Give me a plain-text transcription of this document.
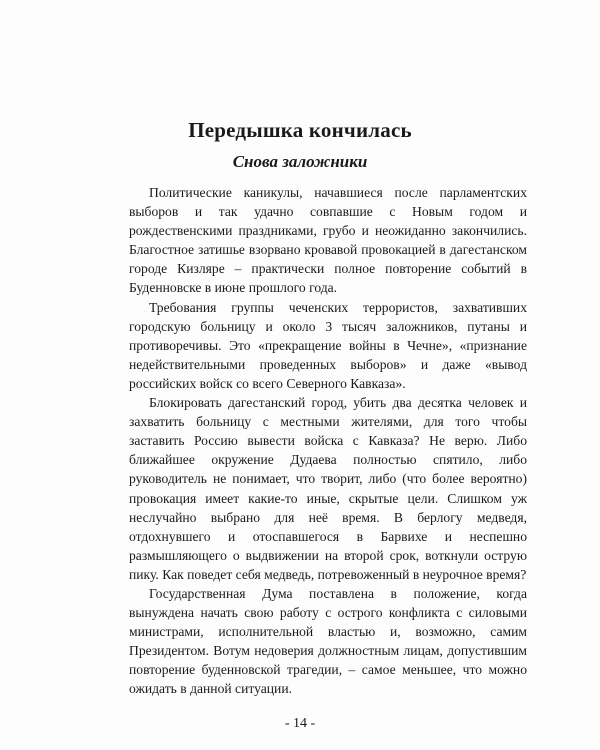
Передышка кончилась
Снова заложники

Политические каникулы, начавшиеся после парламентских выборов и так удачно совпавшие с Новым годом и рождественскими праздниками, грубо и неожиданно закончились. Благостное затишье взорвано кровавой провокацией в дагестанском городе Кизляре – практически полное повторение событий в Буденновске в июне прошлого года.

Требования группы чеченских террористов, захвативших городскую больницу и около 3 тысяч заложников, путаны и противоречивы. Это «прекращение войны в Чечне», «признание недействительными проведенных выборов» и даже «вывод российских войск со всего Северного Кавказа».

Блокировать дагестанский город, убить два десятка человек и захватить больницу с местными жителями, для того чтобы заставить Россию вывести войска с Кавказа? Не верю. Либо ближайшее окружение Дудаева полностью спятило, либо руководитель не понимает, что творит, либо (что более вероятно) провокация имеет какие-то иные, скрытые цели. Слишком уж неслучайно выбрано для неё время. В берлогу медведя, отдохнувшего и отоспавшегося в Барвихе и неспешно размышляющего о выдвижении на второй срок, воткнули острую пику. Как поведет себя медведь, потревоженный в неурочное время?

Государственная Дума поставлена в положение, когда вынуждена начать свою работу с острого конфликта с силовыми министрами, исполнительной властью и, возможно, самим Президентом. Вотум недоверия должностным лицам, допустившим повторение буденновской трагедии, – самое меньшее, что можно ожидать в данной ситуации.

- 14 -
